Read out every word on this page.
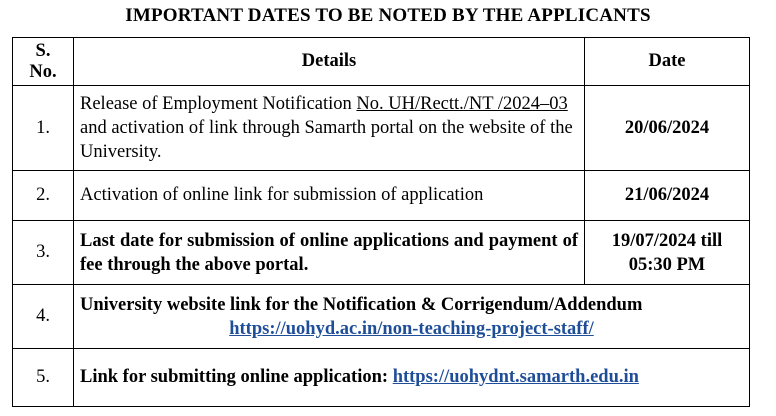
IMPORTANT DATES TO BE NOTED BY THE APPLICANTS
S.
No.	Details	Date
1.	Release of Employment Notification No. UH/Rectt./NT /2024–03 and activation of link through Samarth portal on the website of the University.	20/06/2024
2.	Activation of online link for submission of application	21/06/2024
3.	Last date for submission of online applications and payment of fee through the above portal.	19/07/2024 till
05:30 PM

4.	University website link for the Notification & Corrigendum/Addendum
https://uohyd.ac.in/non-teaching-project-staff/	

5.	Link for submitting online application: https://uohydnt.samarth.edu.in	
